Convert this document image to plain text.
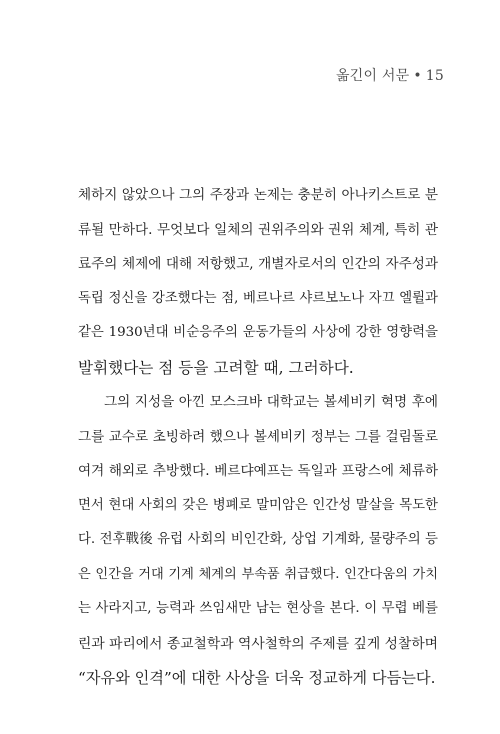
옮긴이 서문 • 15
체하지 않았으나 그의 주장과 논제는 충분히 아나키스트로 분
류될 만하다. 무엇보다 일체의 권위주의와 권위 체계, 특히 관
료주의 체제에 대해 저항했고, 개별자로서의 인간의 자주성과
독립 정신을 강조했다는 점, 베르나르 샤르보노나 자끄 엘륄과
같은 1930년대 비순응주의 운동가들의 사상에 강한 영향력을
발휘했다는 점 등을 고려할 때, 그러하다.
그의 지성을 아낀 모스크바 대학교는 볼셰비키 혁명 후에
그를 교수로 초빙하려 했으나 볼셰비키 정부는 그를 걸림돌로
여겨 해외로 추방했다. 베르댜예프는 독일과 프랑스에 체류하
면서 현대 사회의 갖은 병폐로 말미암은 인간성 말살을 목도한
다. 전후戰後 유럽 사회의 비인간화, 상업 기계화, 물량주의 등
은 인간을 거대 기계 체계의 부속품 취급했다. 인간다움의 가치
는 사라지고, 능력과 쓰임새만 남는 현상을 본다. 이 무렵 베를
린과 파리에서 종교철학과 역사철학의 주제를 깊게 성찰하며
“자유와 인격”에 대한 사상을 더욱 정교하게 다듬는다.
